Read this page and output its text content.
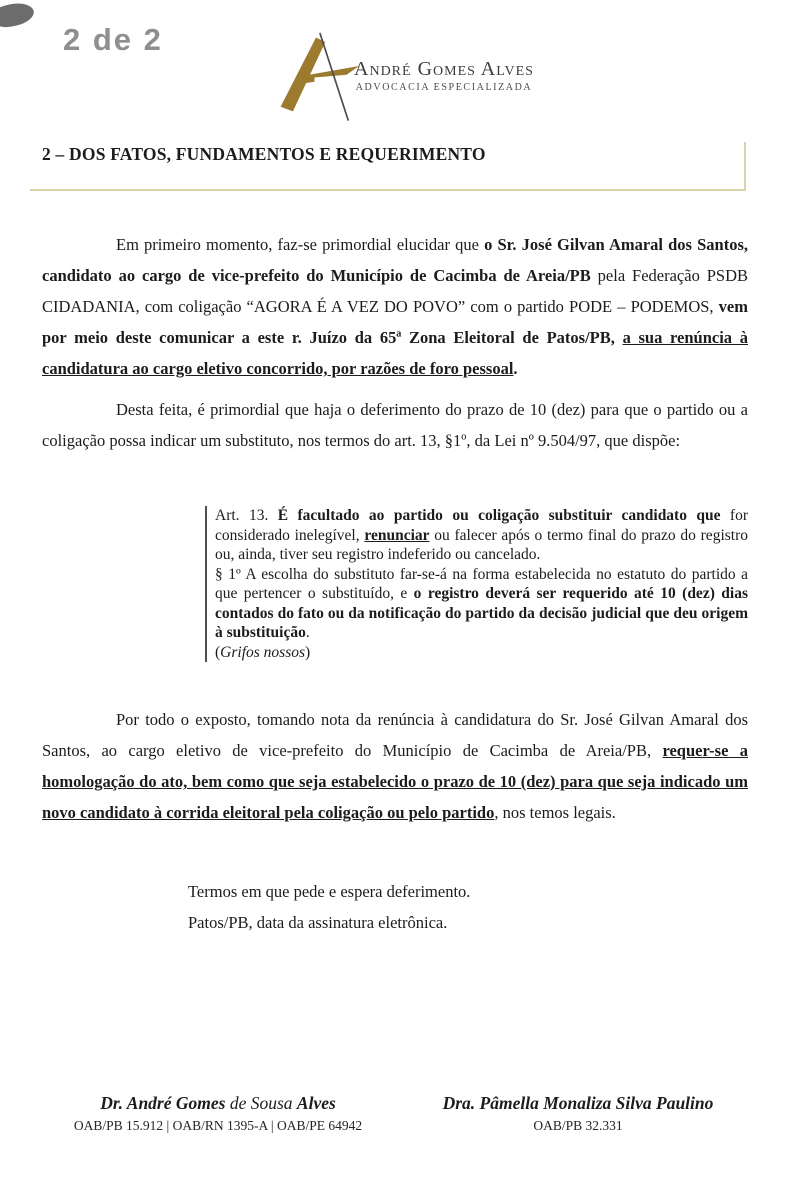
2 de 2
André Gomes Alves
ADVOCACIA ESPECIALIZADA
2 – DOS FATOS, FUNDAMENTOS E REQUERIMENTO

Em primeiro momento, faz-se primordial elucidar que o Sr. José Gilvan Amaral dos Santos, candidato ao cargo de vice-prefeito do Município de Cacimba de Areia/PB pela Federação PSDB CIDADANIA, com coligação “AGORA É A VEZ DO POVO” com o partido PODE – PODEMOS, vem por meio deste comunicar a este r. Juízo da 65ª Zona Eleitoral de Patos/PB, a sua renúncia à candidatura ao cargo eletivo concorrido, por razões de foro pessoal.

Desta feita, é primordial que haja o deferimento do prazo de 10 (dez) para que o partido ou a coligação possa indicar um substituto, nos termos do art. 13, §1º, da Lei nº 9.504/97, que dispõe:

Art. 13. É facultado ao partido ou coligação substituir candidato que for considerado inelegível, renunciar ou falecer após o termo final do prazo do registro ou, ainda, tiver seu registro indeferido ou cancelado.
§ 1º A escolha do substituto far-se-á na forma estabelecida no estatuto do partido a que pertencer o substituído, e o registro deverá ser requerido até 10 (dez) dias contados do fato ou da notificação do partido da decisão judicial que deu origem à substituição.
(Grifos nossos)

Por todo o exposto, tomando nota da renúncia à candidatura do Sr. José Gilvan Amaral dos Santos, ao cargo eletivo de vice-prefeito do Município de Cacimba de Areia/PB, requer-se a homologação do ato, bem como que seja estabelecido o prazo de 10 (dez) para que seja indicado um novo candidato à corrida eleitoral pela coligação ou pelo partido, nos temos legais.

Termos em que pede e espera deferimento.
Patos/PB, data da assinatura eletrônica.
Dr. André Gomes de Sousa Alves
OAB/PB 15.912 | OAB/RN 1395-A | OAB/PE 64942
Dra. Pâmella Monaliza Silva Paulino
OAB/PB 32.331
